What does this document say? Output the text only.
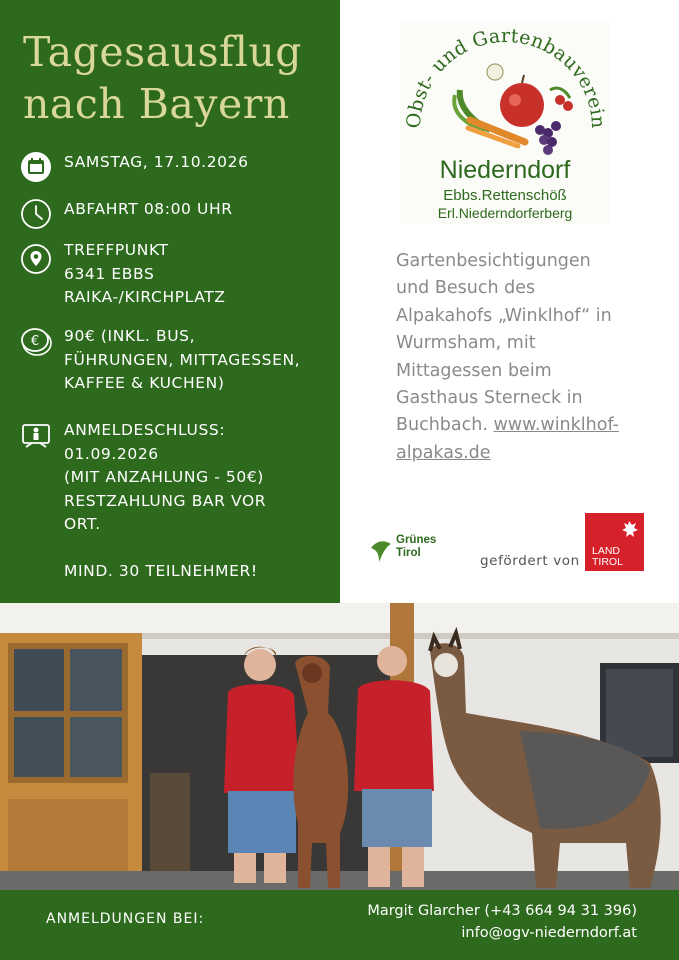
Tagesausflug
nach Bayern
SAMSTAG, 17.10.2026
ABFAHRT 08:00 UHR
TREFFPUNKT
6341 EBBS
RAIKA-/KIRCHPLATZ
€ 90€ (INKL. BUS,
FÜHRUNGEN, MITTAGESSEN,
KAFFEE & KUCHEN)
ANMELDESCHLUSS:
01.09.2026
(MIT ANZAHLUNG - 50€)
RESTZAHLUNG BAR VOR
ORT.
MIND. 30 TEILNEHMER!
Obst- und Gartenbauverein
Niederndorf
Ebbs.Rettenschöß
Erl.Niederndorferberg
Gartenbesichtigungen
und Besuch des
Alpakahofs „Winklhof“ in
Wurmsham, mit
Mittagessen beim
Gasthaus Sterneck in
Buchbach. www.winklhof-
alpakas.de
Grünes
Tirol	gefördert von
LAND
TIROL
ANMELDUNGEN BEI:	Margit Glarcher (+43 664 94 31 396)
info@ogv-niederndorf.at
